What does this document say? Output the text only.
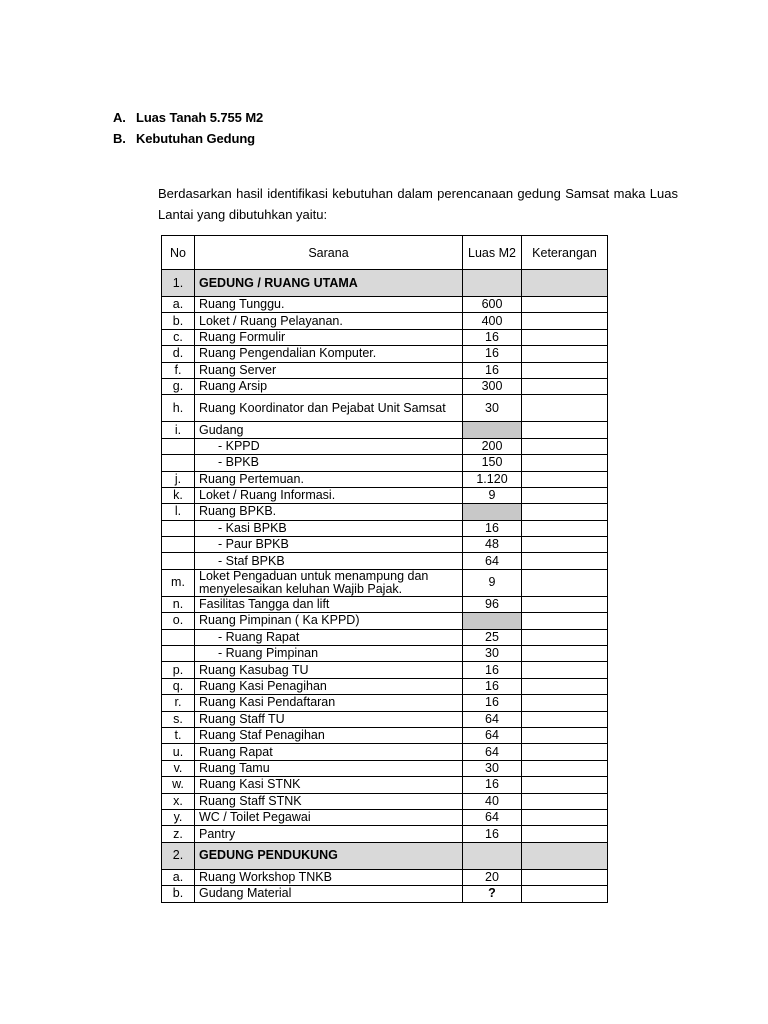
A. Luas Tanah 5.755 M2
B. Kebutuhan Gedung

Berdasarkan hasil identifikasi kebutuhan dalam perencanaan gedung Samsat maka Luas Lantai yang dibutuhkan yaitu:

No	Sarana	Luas M2	Keterangan
1.	GEDUNG / RUANG UTAMA		
a.	Ruang Tunggu.	600	
b.	Loket / Ruang Pelayanan.	400	
c.	Ruang Formulir	16	
d.	Ruang Pengendalian Komputer.	16	
f.	Ruang Server	16	
g.	Ruang Arsip	300	
h.	Ruang Koordinator dan Pejabat Unit Samsat	30	
i.	Gudang		
	- KPPD	200	
	- BPKB	150	
j.	Ruang Pertemuan.	1.120	
k.	Loket / Ruang Informasi.	9	
l.	Ruang BPKB.		
	- Kasi BPKB	16	
	- Paur BPKB	48	
	- Staf BPKB	64	
m.	Loket Pengaduan untuk menampung dan menyelesaikan keluhan Wajib Pajak.	9	
n.	Fasilitas Tangga dan lift	96	
o.	Ruang Pimpinan ( Ka KPPD)		
	- Ruang Rapat	25	
	- Ruang Pimpinan	30	
p.	Ruang Kasubag TU	16	
q.	Ruang Kasi Penagihan	16	
r.	Ruang Kasi Pendaftaran	16	
s.	Ruang Staff TU	64	
t.	Ruang Staf Penagihan	64	
u.	Ruang Rapat	64	
v.	Ruang Tamu	30	
w.	Ruang Kasi STNK	16	
x.	Ruang Staff STNK	40	
y.	WC / Toilet Pegawai	64	
z.	Pantry	16	
2.	GEDUNG PENDUKUNG		
a.	Ruang Workshop TNKB	20	
b.	Gudang Material	?	
